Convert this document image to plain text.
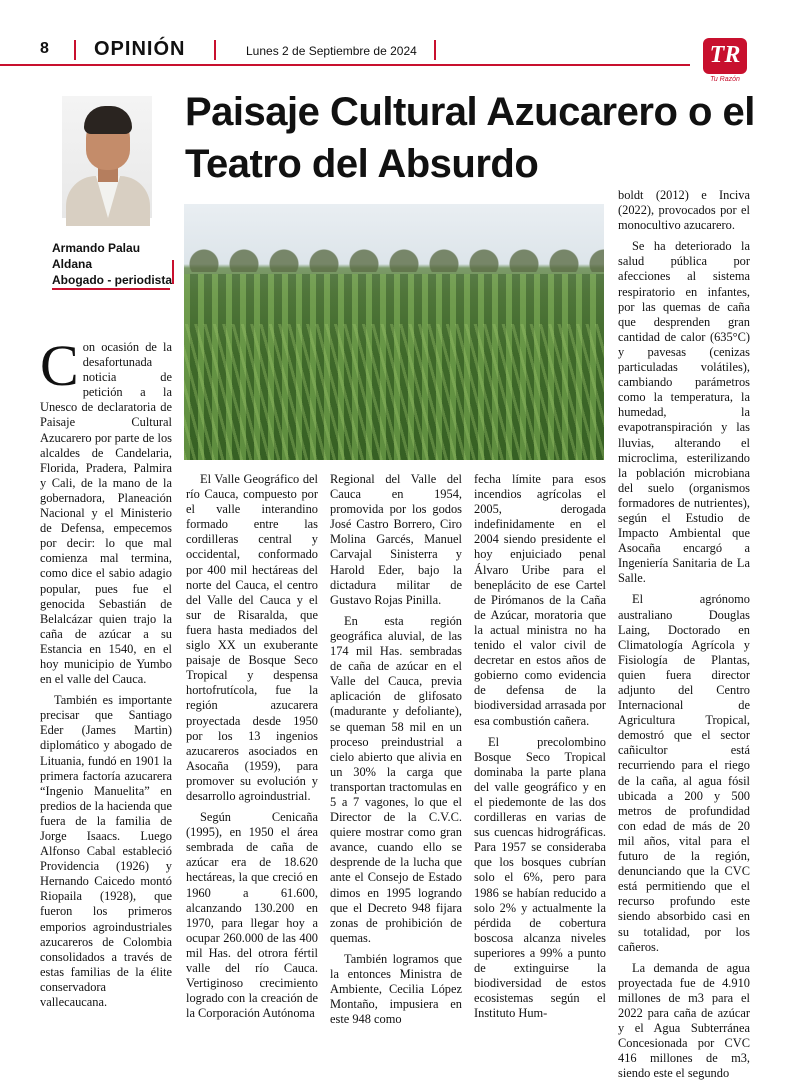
8 OPINIÓN	Lunes 2 de Septiembre de 2024	TR
Tu Razón
Paisaje Cultural Azucarero o el Teatro del Absurdo
Armando Palau Aldana
Abogado - periodista

Con ocasión de la desafortunada noticia de petición a la Unesco de declaratoria de Paisaje Cultural Azucarero por parte de los alcaldes de Candelaria, Florida, Pradera, Palmira y Cali, de la mano de la gobernadora, Planeación Nacional y el Ministerio de Defensa, empecemos por decir: lo que mal comienza mal termina, como dice el sabio adagio popular, pues fue el genocida Sebastián de Belalcázar quien trajo la caña de azúcar a su Estancia en 1540, en el hoy municipio de Yumbo en el valle del Cauca.

También es importante precisar que Santiago Eder (James Martin) diplomático y abogado de Lituania, fundó en 1901 la primera factoría azucarera “Ingenio Manuelita” en predios de la hacienda que fuera de la familia de Jorge Isaacs. Luego Alfonso Cabal estableció Providencia (1926) y Hernando Caicedo montó Riopaila (1928), que fueron los primeros emporios agroindustriales azucareros de Colombia consolidados a través de estas familias de la élite conservadora vallecaucana.

El Valle Geográfico del río Cauca, compuesto por el valle interandino formado entre las cordilleras central y occidental, conformado por 400 mil hectáreas del norte del Cauca, el centro del Valle del Cauca y el sur de Risaralda, que fuera hasta mediados del siglo XX un exuberante paisaje de Bosque Seco Tropical y despensa hortofrutícola, fue la región azucarera proyectada desde 1950 por los 13 ingenios azucareros asociados en Asocaña (1959), para promover su evolución y desarrollo agroindustrial.

Según Cenicaña (1995), en 1950 el área sembrada de caña de azúcar era de 18.620 hectáreas, la que creció en 1960 a 61.600, alcanzando 130.200 en 1970, para llegar hoy a ocupar 260.000 de las 400 mil Has. del otrora fértil valle del río Cauca. Vertiginoso crecimiento logrado con la creación de la Corporación Autónoma

Regional del Valle del Cauca en 1954, promovida por los godos José Castro Borrero, Ciro Molina Garcés, Manuel Carvajal Sinisterra y Harold Eder, bajo la dictadura militar de Gustavo Rojas Pinilla.

En esta región geográfica aluvial, de las 174 mil Has. sembradas de caña de azúcar en el Valle del Cauca, previa aplicación de glifosato (madurante y defoliante), se queman 58 mil en un proceso preindustrial a cielo abierto que alivia en un 30% la carga que transportan tractomulas en 5 a 7 vagones, lo que el Director de la C.V.C. quiere mostrar como gran avance, cuando ello se desprende de la lucha que ante el Consejo de Estado dimos en 1995 logrando que el Decreto 948 fijara zonas de prohibición de quemas.

También logramos que la entonces Ministra de Ambiente, Cecilia López Montaño, impusiera en este 948 como

fecha límite para esos incendios agrícolas el 2005, derogada indefinidamente en el 2004 siendo presidente el hoy enjuiciado penal Álvaro Uribe para el beneplácito de ese Cartel de Pirómanos de la Caña de Azúcar, moratoria que la actual ministra no ha tenido el valor civil de decretar en estos años de gobierno como evidencia de defensa de la biodiversidad arrasada por esa combustión cañera.

El precolombino Bosque Seco Tropical dominaba la parte plana del valle geográfico y en el piedemonte de las dos cordilleras en varias de sus cuencas hidrográficas. Para 1957 se consideraba que los bosques cubrían solo el 6%, pero para 1986 se habían reducido a solo 2% y actualmente la pérdida de cobertura boscosa alcanza niveles superiores a 99% a punto de extinguirse la biodiversidad de estos ecosistemas según el Instituto Hum-

boldt (2012) e Inciva (2022), provocados por el monocultivo azucarero.

Se ha deteriorado la salud pública por afecciones al sistema respiratorio en infantes, por las quemas de caña que desprenden gran cantidad de calor (635°C) y pavesas (cenizas particuladas volátiles), cambiando parámetros como la temperatura, la humedad, la evapotranspiración y las lluvias, alterando el microclima, esterilizando la población microbiana del suelo (organismos formadores de nutrientes), según el Estudio de Impacto Ambiental que Asocaña encargó a Ingeniería Sanitaria de La Salle.

El agrónomo australiano Douglas Laing, Doctorado en Climatología Agrícola y Fisiología de Plantas, quien fuera director adjunto del Centro Internacional de Agricultura Tropical, demostró que el sector cañicultor está recurriendo para el riego de la caña, al agua fósil ubicada a 200 y 500 metros de profundidad con edad de más de 20 mil años, vital para el futuro de la región, denunciando que la CVC está permitiendo que el recurso profundo este siendo absorbido casi en su totalidad, por los cañeros.

La demanda de agua proyectada fue de 4.910 millones de m3 para el 2022 para caña de azúcar y el Agua Subterránea Concesionada por CVC 416 millones de m3, siendo este el segundo
